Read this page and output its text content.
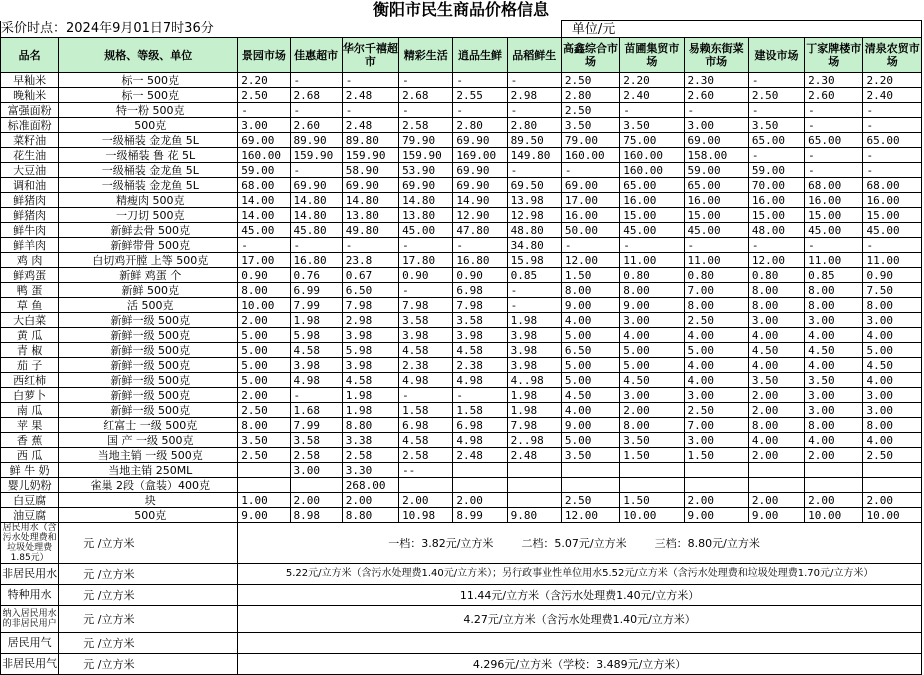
衡阳市民生商品价格信息													
采价时点：2024年9月01日7时36分								单位/元					
品名	规格、等级、单位	景园市场	佳惠超市	华尔千禧超 市	精彩生活	逍品生鲜	品稻鲜生	高鑫综合市场	苗圃集贸市场	易赖东街菜市场	建设市场	丁家牌楼市场	清泉农贸市场
早籼米	标一 500克	2.20	-	-	-	-	-	2.50	2.20	2.30	-	2.30	2.20
晚籼米	标一 500克	2.50	2.68	2.48	2.68	2.55	2.98	2.80	2.40	2.60	2.50	2.60	2.40
富强面粉	特一粉 500克	-	-	-	-	-	-	2.50	-	-	-	-	-
标准面粉	500克	3.00	2.60	2.48	2.58	2.80	2.80	3.50	3.50	3.00	3.50	-	-
菜籽油	一级桶装 金龙鱼 5L	69.00	89.90	89.80	79.90	69.90	89.50	79.00	75.00	69.00	65.00	65.00	65.00
花生油	一级桶装 鲁 花 5L	160.00	159.90	159.90	159.90	169.00	149.80	160.00	160.00	158.00	-	-	-
大豆油	一级桶装 金龙鱼 5L	59.00	-	58.90	53.90	69.90	-	-	160.00	59.00	59.00	-	-
调和油	一级桶装 金龙鱼 5L	68.00	69.90	69.90	69.90	69.90	69.50	69.00	65.00	65.00	70.00	68.00	68.00
鲜猪肉	精瘦肉 500克	14.00	14.80	14.80	14.80	14.90	13.98	17.00	16.00	16.00	16.00	16.00	16.00
鲜猪肉	一刀切 500克	14.00	14.80	13.80	13.80	12.90	12.98	16.00	15.00	15.00	15.00	15.00	15.00
鲜牛肉	新鲜去骨 500克	45.00	45.80	49.80	45.00	47.80	48.80	50.00	45.00	45.00	48.00	45.00	45.00
鲜羊肉	新鲜带骨 500克	-	-	-	-	-	34.80	-	-	-	-	-	-
鸡 肉	白切鸡开膛 上等 500克	17.00	16.80	23.8	17.80	16.80	15.98	12.00	11.00	11.00	12.00	11.00	11.00
鲜鸡蛋	新鲜 鸡蛋 个	0.90	0.76	0.67	0.90	0.90	0.85	1.50	0.80	0.80	0.80	0.85	0.90
鸭 蛋	新鲜 500克	8.00	6.99	6.50	-	6.98	-	8.00	8.00	7.00	8.00	8.00	7.50
草 鱼	活 500克	10.00	7.99	7.98	7.98	7.98	-	9.00	9.00	8.00	8.00	8.00	8.00
大白菜	新鲜一级 500克	2.00	1.98	2.98	3.58	3.58	1.98	4.00	3.00	2.50	3.00	3.00	3.00
黄 瓜	新鲜一级 500克	5.00	5.98	3.98	3.98	3.98	3.98	5.00	4.00	4.00	4.00	4.00	4.00
青 椒	新鲜一级 500克	5.00	4.58	5.98	4.58	4.58	3.98	6.50	5.00	5.00	4.50	4.50	5.00
茄 子	新鲜一级 500克	5.00	3.98	3.98	2.38	2.38	3.98	5.00	5.00	4.00	4.00	4.00	4.50
西红柿	新鲜一级 500克	5.00	4.98	4.58	4.98	4.98	4..98	5.00	4.50	4.00	3.50	3.50	4.00
白萝卜	新鲜一级 500克	2.00	-	1.98	-	-	1.98	4.50	3.00	3.00	2.00	3.00	3.00
南 瓜	新鲜一级 500克	2.50	1.68	1.98	1.58	1.58	1.98	4.00	2.00	2.50	2.00	3.00	3.00
苹 果	红富士 一级 500克	8.00	7.99	8.80	6.98	6.98	7.98	9.00	8.00	7.00	8.00	8.00	8.00
香 蕉	国 产 一级 500克	3.50	3.58	3.38	4.58	4.98	2..98	5.00	3.50	3.00	4.00	4.00	4.00
西 瓜	当地主销 一级 500克	2.50	2.58	2.58	2.58	2.48	2.48	3.50	1.50	1.50	2.00	2.00	2.50
鲜 牛 奶	当地主销 250ML		3.00	3.30	--								
婴儿奶粉	雀巢 2段（盒装）400克			268.00									
白豆腐	块	1.00	2.00	2.00	2.00	2.00		2.50	1.50	2.00	2.00	2.00	2.00
油豆腐	500克	9.00	8.98	8.80	10.98	8.99	9.80	12.00	10.00	9.00	9.00	10.00	10.00
居民用水（含污水处理费和垃圾处理费1.85元）	元 /立方米	一档：3.82元/立方米 二档：5.07元/立方米 三档：8.80元/立方米											
非居民用水	元 /立方米	5.22元/立方米（含污水处理费1.40元/立方米）；另行政事业性单位用水5.52元/立方米（含污水处理费和垃圾处理费1.70元/立方米）											
特种用水	元 /立方米	11.44元/立方米（含污水处理费1.40元/立方米）											
纳入居民用水的非居民用户	元 /立方米	4.27元/立方米（含污水处理费1.40元/立方米）											
居民用气	元 /立方米												
非居民用气	元 /立方米	4.296元/立方米（学校：3.489元/立方米）											
